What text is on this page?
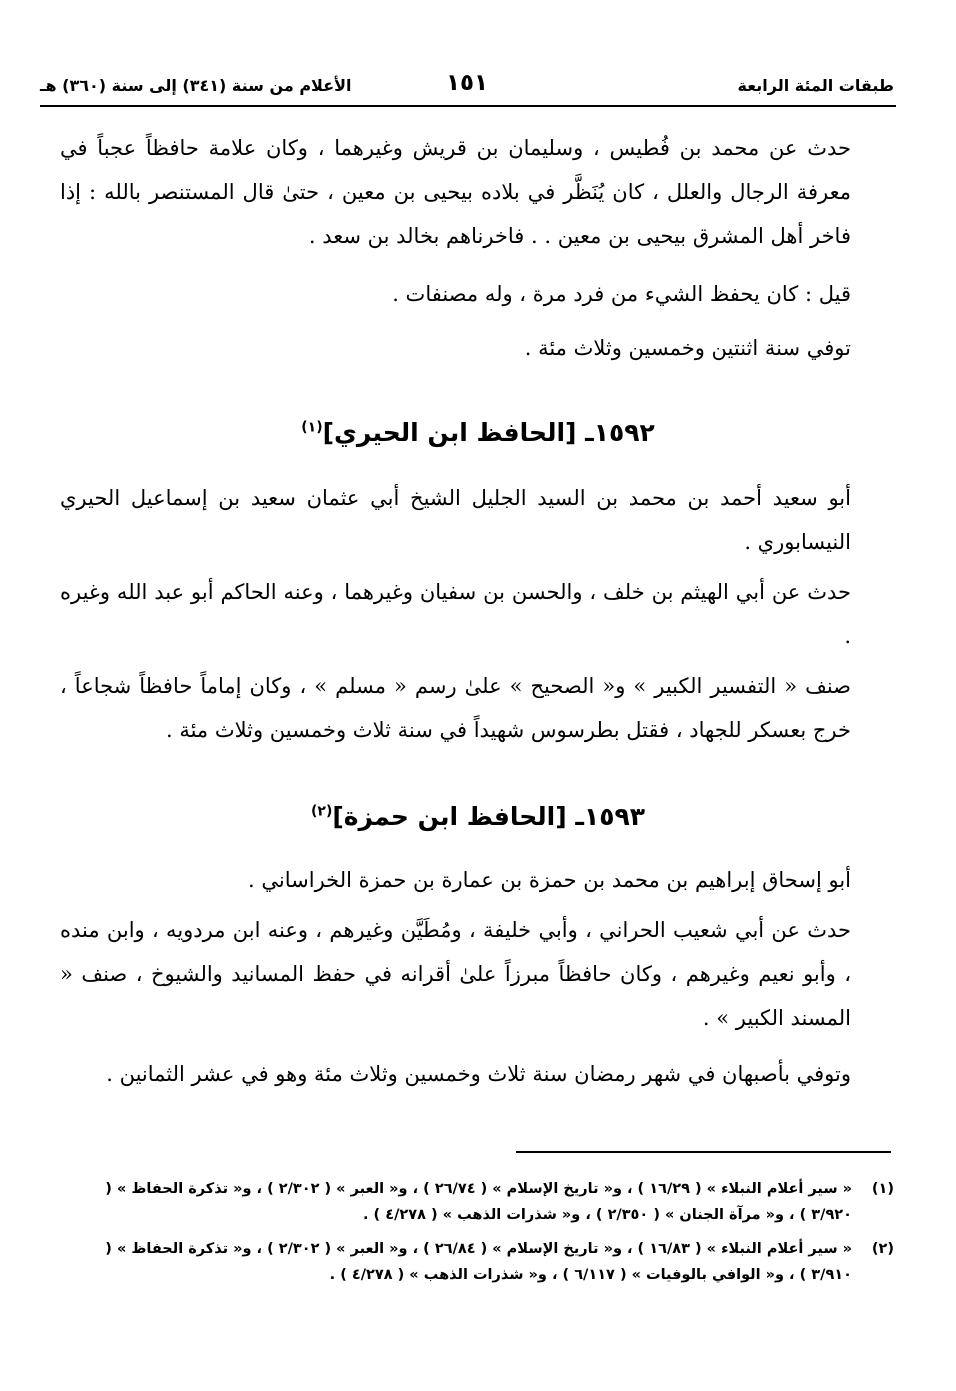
طبقات المئة الرابعة
١٥١
الأعلام من سنة (٣٤١) إلى سنة (٣٦٠) هـ

حدث عن محمد بن فُطيس ، وسليمان بن قريش وغيرهما ، وكان علامة حافظاً عجباً في معرفة الرجال والعلل ، كان يُنَظَّر في بلاده بيحيى بن معين ، حتىٰ قال المستنصر بالله : إذا فاخر أهل المشرق بيحيى بن معين . . فاخرناهم بخالد بن سعد .

قيل : كان يحفظ الشيء من فرد مرة ، وله مصنفات .

توفي سنة اثنتين وخمسين وثلاث مئة .

١٥٩٢ـ [الحافظ ابن الحيري]$^{(١)}$

أبو سعيد أحمد بن محمد بن السيد الجليل الشيخ أبي عثمان سعيد بن إسماعيل الحيري النيسابوري .

حدث عن أبي الهيثم بن خلف ، والحسن بن سفيان وغيرهما ، وعنه الحاكم أبو عبد الله وغيره .

صنف « التفسير الكبير » و« الصحيح » علىٰ رسم « مسلم » ، وكان إماماً حافظاً شجاعاً ، خرج بعسكر للجهاد ، فقتل بطرسوس شهيداً في سنة ثلاث وخمسين وثلاث مئة .

١٥٩٣ـ [الحافظ ابن حمزة]$^{(٢)}$

أبو إسحاق إبراهيم بن محمد بن حمزة بن عمارة بن حمزة الخراساني .

حدث عن أبي شعيب الحراني ، وأبي خليفة ، ومُطَيَّن وغيرهم ، وعنه ابن مردويه ، وابن منده ، وأبو نعيم وغيرهم ، وكان حافظاً مبرزاً علىٰ أقرانه في حفظ المسانيد والشيوخ ، صنف « المسند الكبير » .

وتوفي بأصبهان في شهر رمضان سنة ثلاث وخمسين وثلاث مئة وهو في عشر الثمانين .

(١)
« سير أعلام النبلاء » ( ١٦/٢٩ ) ، و« تاريخ الإسلام » ( ٢٦/٧٤ ) ، و« العبر » ( ٢/٣٠٢ ) ، و« تذكرة الحفاظ » ( ٣/٩٢٠ ) ، و« مرآة الجنان » ( ٢/٣٥٠ ) ، و« شذرات الذهب » ( ٤/٢٧٨ ) .
(٢)
« سير أعلام النبلاء » ( ١٦/٨٣ ) ، و« تاريخ الإسلام » ( ٢٦/٨٤ ) ، و« العبر » ( ٢/٣٠٢ ) ، و« تذكرة الحفاظ » ( ٣/٩١٠ ) ، و« الوافي بالوفيات » ( ٦/١١٧ ) ، و« شذرات الذهب » ( ٤/٢٧٨ ) .
